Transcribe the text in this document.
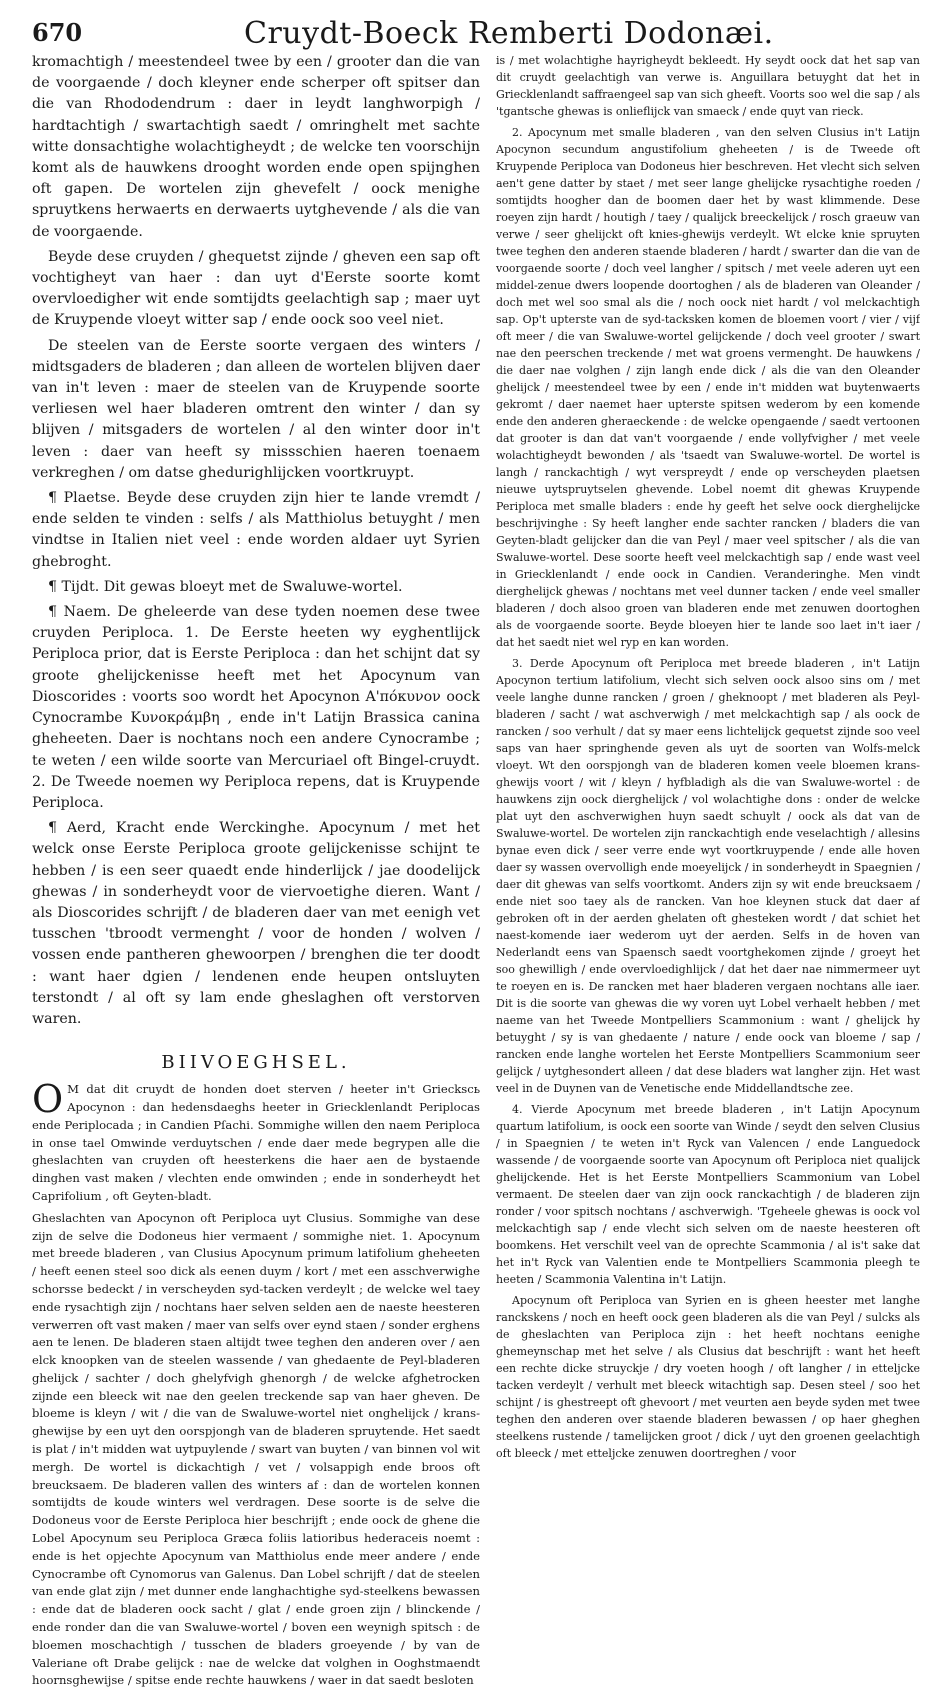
670	Cruydt-Boeck Remberti Dodonæi.

kromachtigh / meestendeel twee by een / grooter dan die van de voorgaende / doch kleyner ende scherper oft spitser dan die van Rhododendrum : daer in leydt langhworpigh / hardtachtigh / swartachtigh saedt / omringhelt met sachte witte donsachtighe wolachtigheydt ; de welcke ten voorschijn komt als de hauwkens drooght worden ende open spijnghen oft gapen. De wortelen zijn ghevefelt / oock menighe spruytkens herwaerts en derwaerts uytghevende / als die van de voorgaende.

Beyde dese cruyden / ghequetst zijnde / gheven een sap oft vochtigheyt van haer : dan uyt d'Eerste soorte komt overvloedigher wit ende somtijdts geelachtigh sap ; maer uyt de Kruypende vloeyt witter sap / ende oock soo veel niet.

De steelen van de Eerste soorte vergaen des winters / midtsgaders de bladeren ; dan alleen de wortelen blijven daer van in't leven : maer de steelen van de Kruypende soorte verliesen wel haer bladeren omtrent den winter / dan sy blijven / mitsgaders de wortelen / al den winter door in't leven : daer van heeft sy missschien haeren toenaem verkreghen / om datse ghedurighlijcken voortkruypt.

¶ Plaetse. Beyde dese cruyden zijn hier te lande vremdt / ende selden te vinden : selfs / als Matthiolus betuyght / men vindtse in Italien niet veel : ende worden aldaer uyt Syrien ghebroght.

¶ Tijdt. Dit gewas bloeyt met de Swaluwe-wortel.

¶ Naem. De gheleerde van dese tyden noemen dese twee cruyden Periploca. 1. De Eerste heeten wy eyghentlijck Periploca prior, dat is Eerste Periploca : dan het schijnt dat sy groote ghelijckenisse heeft met het Apocynum van Dioscorides : voorts soo wordt het Apocynon Α'πόκυνον oock Cynocrambe Κυνοκράμβη , ende in't Latijn Brassica canina gheheeten. Daer is nochtans noch een andere Cynocrambe ; te weten / een wilde soorte van Mercuriael oft Bingel-cruydt. 2. De Tweede noemen wy Periploca repens, dat is Kruypende Periploca.

¶ Aerd, Kracht ende Werckinghe. Apocynum / met het welck onse Eerste Periploca groote gelijckenisse schijnt te hebben / is een seer quaedt ende hinderlijck / jae doodelijck ghewas / in sonderheydt voor de viervoetighe dieren. Want / als Dioscorides schrijft / de bladeren daer van met eenigh vet tusschen 'tbroodt vermenght / voor de honden / wolven / vossen ende pantheren ghewoorpen / brenghen die ter doodt : want haer dgien / lendenen ende heupen ontsluyten terstondt / al oft sy lam ende gheslaghen oft verstorven waren.

BIIVOEGHSEL.

O M dat dit cruydt de honden doet sterven / heeter in't Grieckscь Apocynon : dan hedensdaeghs heeter in Griecklenlandt Periplocas ende Periplocada ; in Candien Pſachi. Sommighe willen den naem Periploca in onse tael Omwinde verduytschen / ende daer mede begrypen alle die gheslachten van cruyden oft heesterkens die haer aen de bystaende dinghen vast maken / vlechten ende omwinden ; ende in sonderheydt het Caprifolium , oft Geyten-bladt.

Gheslachten van Apocynon oft Periploca uyt Clusius. Sommighe van dese zijn de selve die Dodoneus hier vermaent / sommighe niet. 1. Apocynum met breede bladeren , van Clusius Apocynum primum latifolium gheheeten / heeft eenen steel soo dick als eenen duym / kort / met een asschverwighe schorsse bedeckt / in verscheyden syd-tacken verdeylt ; de welcke wel taey ende rysachtigh zijn / nochtans haer selven selden aen de naeste heesteren verwerren oft vast maken / maer van selfs over eynd staen / sonder erghens aen te lenen. De bladeren staen altijdt twee teghen den anderen over / aen elck knoopken van de steelen wassende / van ghedaente de Peyl-bladeren ghelijck / sachter / doch ghelyfvigh ghenorgh / de welcke afghetrocken zijnde een bleeck wit nae den geelen treckende sap van haer gheven. De bloeme is kleyn / wit / die van de Swaluwe-wortel niet onghelijck / krans-ghewijse by een uyt den oorspjongh van de bladeren spruytende. Het saedt is plat / in't midden wat uytpuylende / swart van buyten / van binnen vol wit mergh. De wortel is dickachtigh / vet / volsappigh ende broos oft breucksaem. De bladeren vallen des winters af : dan de wortelen konnen somtijdts de koude winters wel verdragen. Dese soorte is de selve die Dodoneus voor de Eerste Periploca hier beschrijft ; ende oock de ghene die Lobel Apocynum seu Periploca Græca foliis latioribus hederaceis noemt : ende is het opjechte Apocynum van Matthiolus ende meer andere / ende Cynocrambe oft Cynomorus van Galenus. Dan Lobel schrijft / dat de steelen van ende glat zijn / met dunner ende langhachtighe syd-steelkens bewassen : ende dat de bladeren oock sacht / glat / ende groen zijn / blinckende / ende ronder dan die van Swaluwe-wortel / boven een weynigh spitsch : de bloemen moschachtigh / tusschen de bladers groeyende / by van de Valeriane oft Drabe gelijck : nae de welcke dat volghen in Ooghstmaendt hoornsghewijse / spitse ende rechte hauwkens / waer in dat saedt besloten

is / met wolachtighe hayrigheydt bekleedt. Hy seydt oock dat het sap van dit cruydt geelachtigh van verwe is. Anguillara betuyght dat het in Griecklenlandt saffraengeel sap van sich gheeft. Voorts soo wel die sap / als 'tgantsche ghewas is onlieflijck van smaeck / ende quyt van rieck.

2. Apocynum met smalle bladeren , van den selven Clusius in't Latijn Apocynon secundum angustifolium gheheeten / is de Tweede oft Kruypende Periploca van Dodoneus hier beschreven. Het vlecht sich selven aen't gene datter by staet / met seer lange ghelijcke rysachtighe roeden / somtijdts hoogher dan de boomen daer het by wast klimmende. Dese roeyen zijn hardt / houtigh / taey / qualijck breeckelijck / rosch graeuw van verwe / seer ghelijckt oft knies-ghewijs verdeylt. Wt elcke knie spruyten twee teghen den anderen staende bladeren / hardt / swarter dan die van de voorgaende soorte / doch veel langher / spitsch / met veele aderen uyt een middel-zenue dwers loopende doortoghen / als de bladeren van Oleander / doch met wel soo smal als die / noch oock niet hardt / vol melckachtigh sap. Op't upterste van de syd-tacksken komen de bloemen voort / vier / vijf oft meer / die van Swaluwe-wortel gelijckende / doch veel grooter / swart nae den peerschen treckende / met wat groens vermenght. De hauwkens / die daer nae volghen / zijn langh ende dick / als die van den Oleander ghelijck / meestendeel twee by een / ende in't midden wat buytenwaerts gekromt / daer naemet haer upterste spitsen wederom by een komende ende den anderen gheraeckende : de welcke opengaende / saedt vertoonen dat grooter is dan dat van't voorgaende / ende vollyfvigher / met veele wolachtigheydt bewonden / als 'tsaedt van Swaluwe-wortel. De wortel is langh / ranckachtigh / wyt verspreydt / ende op verscheyden plaetsen nieuwe uytspruytselen ghevende. Lobel noemt dit ghewas Kruypende Periploca met smalle bladers : ende hy geeft het selve oock dierghelijcke beschrijvinghe : Sy heeft langher ende sachter rancken / bladers die van Geyten-bladt gelijcker dan die van Peyl / maer veel spitscher / als die van Swaluwe-wortel. Dese soorte heeft veel melckachtigh sap / ende wast veel in Griecklenlandt / ende oock in Candien. Veranderinghe. Men vindt dierghelijck ghewas / nochtans met veel dunner tacken / ende veel smaller bladeren / doch alsoo groen van bladeren ende met zenuwen doortoghen als de voorgaende soorte. Beyde bloeyen hier te lande soo laet in't iaer / dat het saedt niet wel ryp en kan worden.

3. Derde Apocynum oft Periploca met breede bladeren , in't Latijn Apocynon tertium latifolium, vlecht sich selven oock alsoo sins om / met veele langhe dunne rancken / groen / gheknoopt / met bladeren als Peyl-bladeren / sacht / wat aschverwigh / met melckachtigh sap / als oock de rancken / soo verhult / dat sy maer eens lichtelijck gequetst zijnde soo veel saps van haer springhende geven als uyt de soorten van Wolfs-melck vloeyt. Wt den oorspjongh van de bladeren komen veele bloemen krans-ghewijs voort / wit / kleyn / hyfbladigh als die van Swaluwe-wortel : de hauwkens zijn oock dierghelijck / vol wolachtighe dons : onder de welcke plat uyt den aschverwighen huyn saedt schuylt / oock als dat van de Swaluwe-wortel. De wortelen zijn ranckachtigh ende veselachtigh / allesins bynae even dick / seer verre ende wyt voortkruypende / ende alle hoven daer sy wassen overvolligh ende moeyelijck / in sonderheydt in Spaegnien / daer dit ghewas van selfs voortkomt. Anders zijn sy wit ende breucksaem / ende niet soo taey als de rancken. Van hoe kleynen stuck dat daer af gebroken oft in der aerden ghelaten oft ghesteken wordt / dat schiet het naest-komende iaer wederom uyt der aerden. Selfs in de hoven van Nederlandt eens van Spaensch saedt voortghekomen zijnde / groeyt het soo ghewilligh / ende overvloedighlijck / dat het daer nae nimmermeer uyt te roeyen en is. De rancken met haer bladeren vergaen nochtans alle iaer. Dit is die soorte van ghewas die wy voren uyt Lobel verhaelt hebben / met naeme van het Tweede Montpelliers Scammonium : want / ghelijck hy betuyght / sy is van ghedaente / nature / ende oock van bloeme / sap / rancken ende langhe wortelen het Eerste Montpelliers Scammonium seer gelijck / uytghesondert alleen / dat dese bladers wat langher zijn. Het wast veel in de Duynen van de Venetische ende Middellandtsche zee.

4. Vierde Apocynum met breede bladeren , in't Latijn Apocynum quartum latifolium, is oock een soorte van Winde / seydt den selven Clusius / in Spaegnien / te weten in't Ryck van Valencen / ende Languedock wassende / de voorgaende soorte van Apocynum oft Periploca niet qualijck ghelijckende. Het is het Eerste Montpelliers Scammonium van Lobel vermaent. De steelen daer van zijn oock ranckachtigh / de bladeren zijn ronder / voor spitsch nochtans / aschverwigh. 'Tgeheele ghewas is oock vol melckachtigh sap / ende vlecht sich selven om de naeste heesteren oft boomkens. Het verschilt veel van de oprechte Scammonia / al is't sake dat het in't Ryck van Valentien ende te Montpelliers Scammonia pleegh te heeten / Scammonia Valentina in't Latijn.

Apocynum oft Periploca van Syrien en is gheen heester met langhe ranckskens / noch en heeft oock geen bladeren als die van Peyl / sulcks als de gheslachten van Periploca zijn : het heeft nochtans eenighe ghemeynschap met het selve / als Clusius dat beschrijft : want het heeft een rechte dicke struyckje / dry voeten hoogh / oft langher / in etteljcke tacken verdeylt / verhult met bleeck witachtigh sap. Desen steel / soo het schijnt / is ghestreept oft ghevoort / met veurten aen beyde syden met twee teghen den anderen over staende bladeren bewassen / op haer gheghen steelkens rustende / tamelijcken groot / dick / uyt den groenen geelachtigh oft bleeck / met etteljcke zenuwen doortreghen / voor
